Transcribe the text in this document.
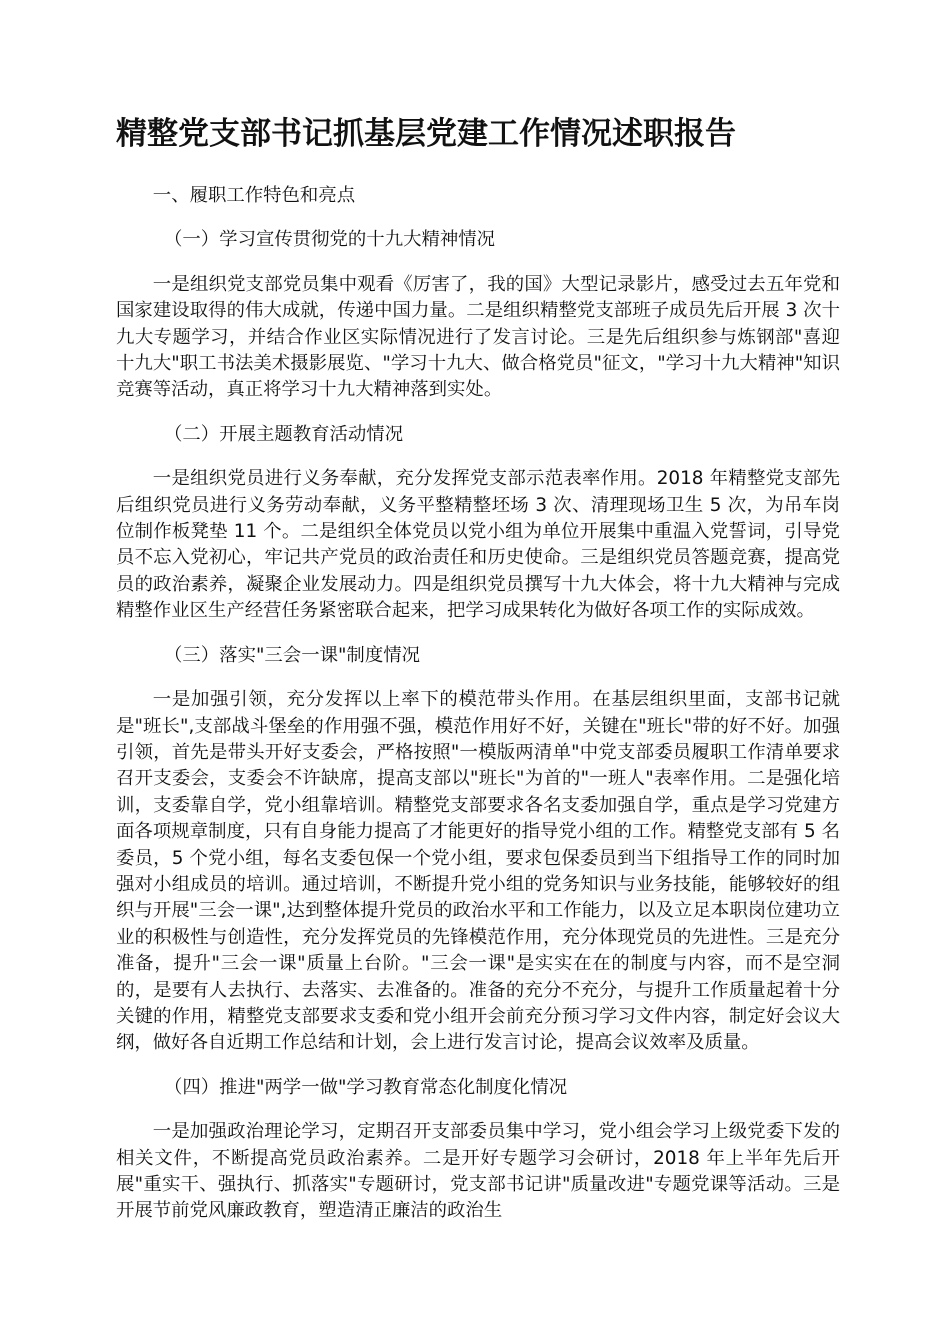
精整党支部书记抓基层党建工作情况述职报告

一、履职工作特色和亮点

（一）学习宣传贯彻党的十九大精神情况

一是组织党支部党员集中观看《厉害了，我的国》大型记录影片，感受过去五年党和国家建设取得的伟大成就，传递中国力量。二是组织精整党支部班子成员先后开展 3 次十九大专题学习，并结合作业区实际情况进行了发言讨论。三是先后组织参与炼钢部"喜迎十九大"职工书法美术摄影展览、"学习十九大、做合格党员"征文，"学习十九大精神"知识竞赛等活动，真正将学习十九大精神落到实处。

（二）开展主题教育活动情况

一是组织党员进行义务奉献，充分发挥党支部示范表率作用。2018 年精整党支部先后组织党员进行义务劳动奉献，义务平整精整坯场 3 次、清理现场卫生 5 次，为吊车岗位制作板凳垫 11 个。二是组织全体党员以党小组为单位开展集中重温入党誓词，引导党员不忘入党初心，牢记共产党员的政治责任和历史使命。三是组织党员答题竞赛，提高党员的政治素养，凝聚企业发展动力。四是组织党员撰写十九大体会，将十九大精神与完成精整作业区生产经营任务紧密联合起来，把学习成果转化为做好各项工作的实际成效。

（三）落实"三会一课"制度情况

一是加强引领，充分发挥以上率下的模范带头作用。在基层组织里面，支部书记就是"班长",支部战斗堡垒的作用强不强，模范作用好不好，关键在"班长"带的好不好。加强引领，首先是带头开好支委会，严格按照"一模版两清单"中党支部委员履职工作清单要求召开支委会，支委会不许缺席，提高支部以"班长"为首的"一班人"表率作用。二是强化培训，支委靠自学，党小组靠培训。精整党支部要求各名支委加强自学，重点是学习党建方面各项规章制度，只有自身能力提高了才能更好的指导党小组的工作。精整党支部有 5 名委员，5 个党小组，每名支委包保一个党小组，要求包保委员到当下组指导工作的同时加强对小组成员的培训。通过培训，不断提升党小组的党务知识与业务技能，能够较好的组织与开展"三会一课",达到整体提升党员的政治水平和工作能力，以及立足本职岗位建功立业的积极性与创造性，充分发挥党员的先锋模范作用，充分体现党员的先进性。三是充分准备，提升"三会一课"质量上台阶。"三会一课"是实实在在的制度与内容，而不是空洞的，是要有人去执行、去落实、去准备的。准备的充分不充分，与提升工作质量起着十分关键的作用，精整党支部要求支委和党小组开会前充分预习学习文件内容，制定好会议大纲，做好各自近期工作总结和计划，会上进行发言讨论，提高会议效率及质量。

（四）推进"两学一做"学习教育常态化制度化情况

一是加强政治理论学习，定期召开支部委员集中学习，党小组会学习上级党委下发的相关文件，不断提高党员政治素养。二是开好专题学习会研讨，2018 年上半年先后开展"重实干、强执行、抓落实"专题研讨，党支部书记讲"质量改进"专题党课等活动。三是开展节前党风廉政教育，塑造清正廉洁的政治生
